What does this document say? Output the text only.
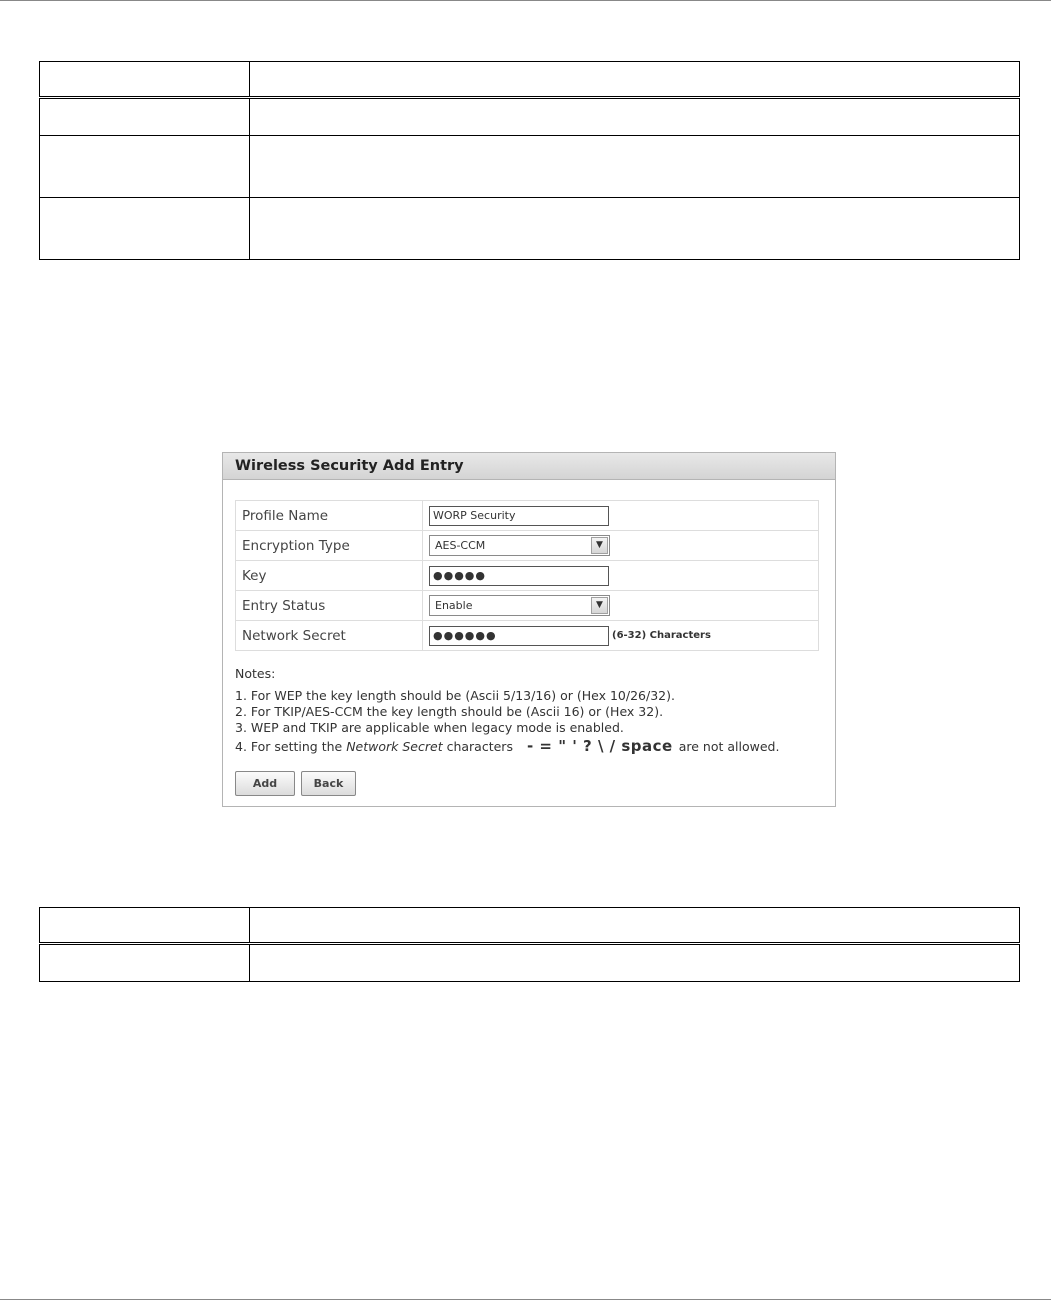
Wireless Security Add Entry
Profile Name	WORP Security
Encryption Type	AES-CCM ▼

Key	●●●●●
Entry Status	Enable ▼

Network Secret	●●●●●● (6-32) Characters
Notes:
1. For WEP the key length should be (Ascii 5/13/16) or (Hex 10/26/32).
2. For TKIP/AES-CCM the key length should be (Ascii 16) or (Hex 32).
3. WEP and TKIP are applicable when legacy mode is enabled.
4. For setting the Network Secret characters - = " ' ? \ / space are not allowed.
Add	Back
